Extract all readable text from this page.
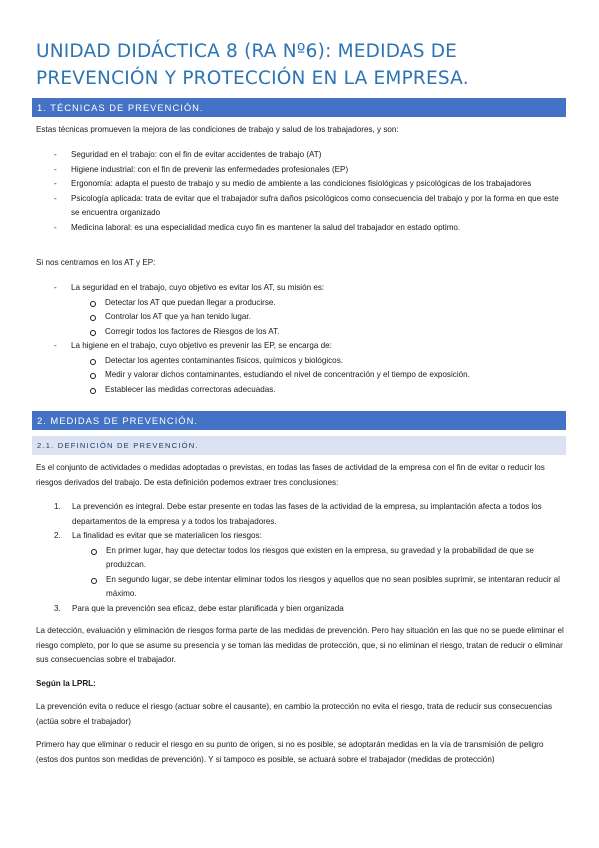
UNIDAD DIDÁCTICA 8 (RA Nº6): MEDIDAS DE PREVENCIÓN Y PROTECCIÓN EN LA EMPRESA.
1. TÉCNICAS DE PREVENCIÓN.

Estas técnicas promueven la mejora de las condiciones de trabajo y salud de los trabajadores, y son:

- Seguridad en el trabajo: con el fin de evitar accidentes de trabajo (AT)
- Higiene industrial: con el fin de prevenir las enfermedades profesionales (EP)
- Ergonomía: adapta el puesto de trabajo y su medio de ambiente a las condiciones fisiológicas y psicológicas de los trabajadores
- Psicología aplicada: trata de evitar que el trabajador sufra daños psicológicos como consecuencia del trabajo y por la forma en que este se encuentra organizado
- Medicina laboral: es una especialidad medica cuyo fin es mantener la salud del trabajador en estado optimo.

Si nos centramos en los AT y EP:

- La seguridad en el trabajo, cuyo objetivo es evitar los AT, su misión es:
Detectar los AT que puedan llegar a producirse.
Controlar los AT que ya han tenido lugar.
Corregir todos los factores de Riesgos de los AT.
- La higiene en el trabajo, cuyo objetivo es prevenir las EP, se encarga de:
Detectar los agentes contaminantes físicos, químicos y biológicos.
Medir y valorar dichos contaminantes, estudiando el nivel de concentración y el tiempo de exposición.
Establecer las medidas correctoras adecuadas.
2. MEDIDAS DE PREVENCIÓN.
2.1. DEFINICIÓN DE PREVENCIÓN.

Es el conjunto de actividades o medidas adoptadas o previstas, en todas las fases de actividad de la empresa con el fin de evitar o reducir los riesgos derivados del trabajo. De esta definición podemos extraer tres conclusiones:

1. La prevención es integral. Debe estar presente en todas las fases de la actividad de la empresa, su implantación afecta a todos los departamentos de la empresa y a todos los trabajadores.
2. La finalidad es evitar que se materialicen los riesgos:
En primer lugar, hay que detectar todos los riesgos que existen en la empresa, su gravedad y la probabilidad de que se produzcan.
En segundo lugar, se debe intentar eliminar todos los riesgos y aquellos que no sean posibles suprimir, se intentaran reducir al máximo.
3. Para que la prevención sea eficaz, debe estar planificada y bien organizada

La detección, evaluación y eliminación de riesgos forma parte de las medidas de prevención. Pero hay situación en las que no se puede eliminar el riesgo completo, por lo que se asume su presencia y se toman las medidas de protección, que, si no eliminan el riesgo, tratan de reducir o eliminar sus consecuencias sobre el trabajador.

Según la LPRL:

La prevención evita o reduce el riesgo (actuar sobre el causante), en cambio la protección no evita el riesgo, trata de reducir sus consecuencias (actúa sobre el trabajador)

Primero hay que eliminar o reducir el riesgo en su punto de origen, si no es posible, se adoptarán medidas en la vía de transmisión de peligro (estos dos puntos son medidas de prevención). Y si tampoco es posible, se actuará sobre el trabajador (medidas de protección)
